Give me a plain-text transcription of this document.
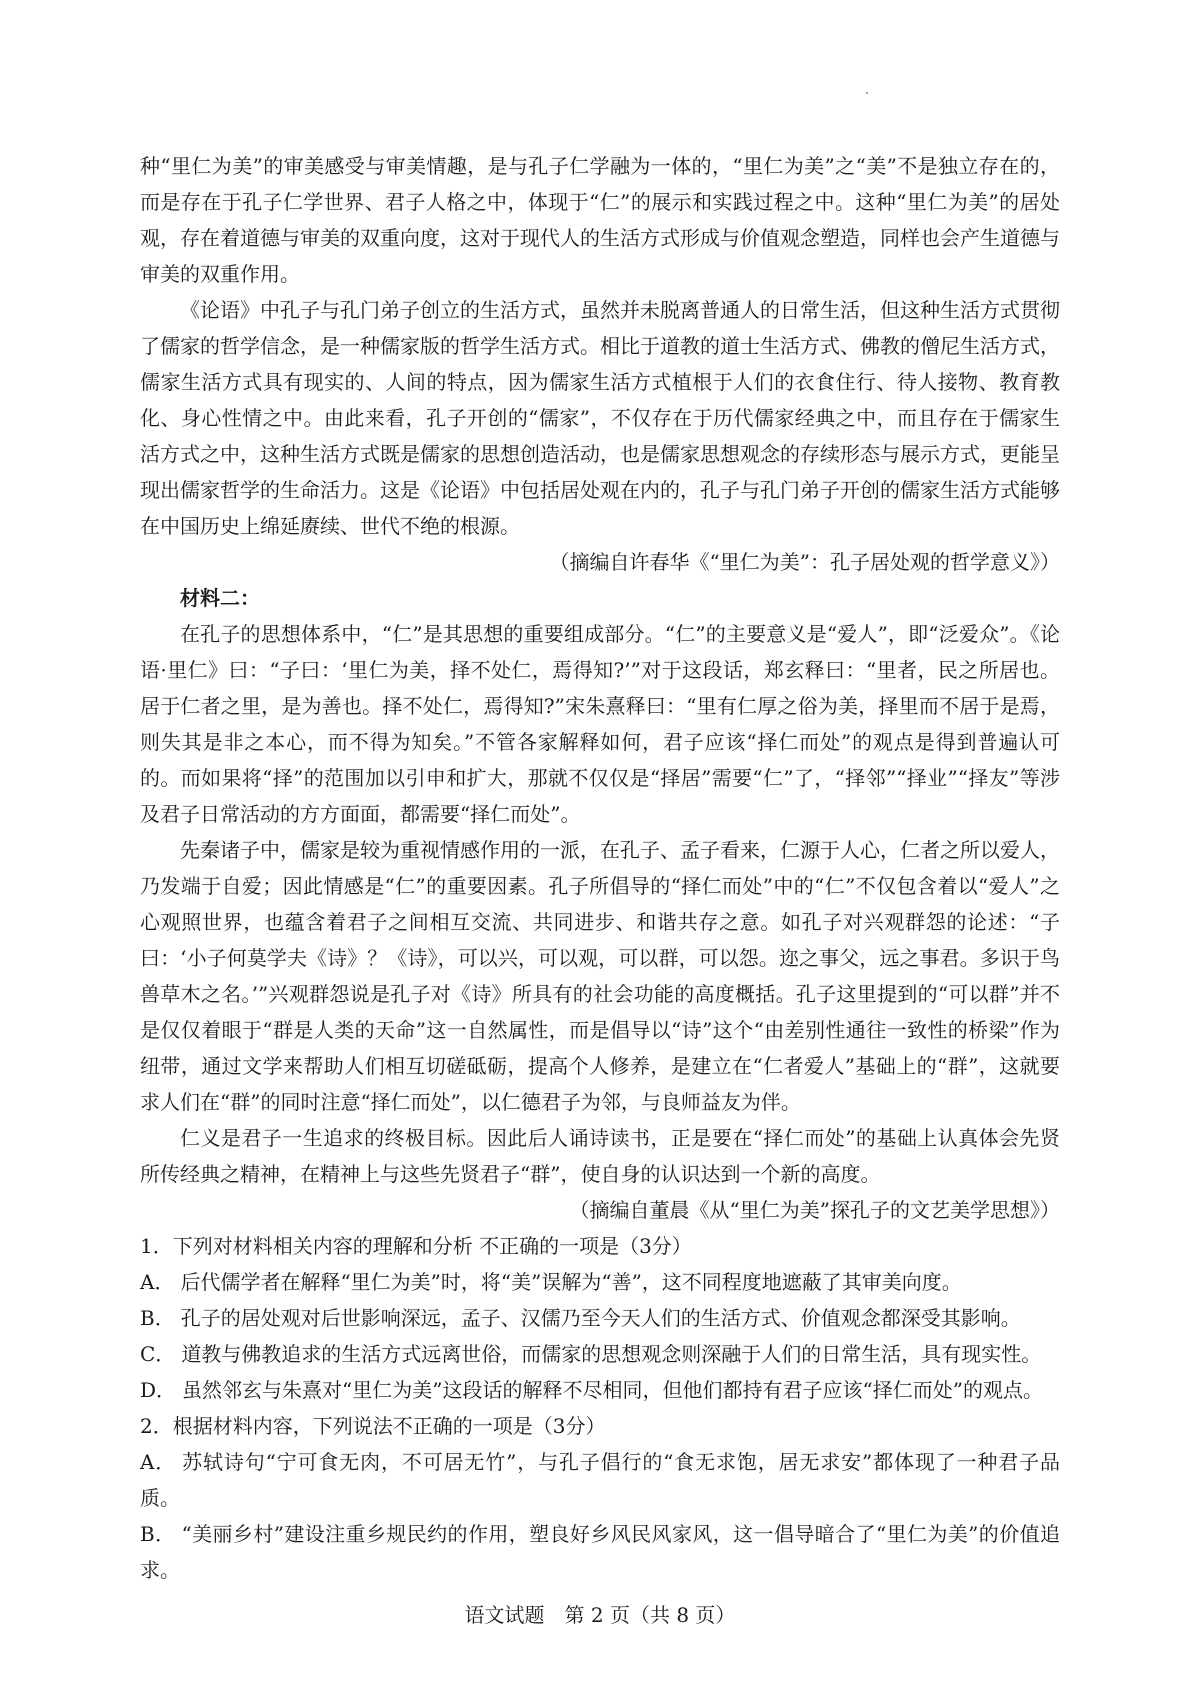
种“里仁为美”的审美感受与审美情趣，是与孔子仁学融为一体的，“里仁为美”之“美”不是独立存在的，而是存在于孔子仁学世界、君子人格之中，体现于“仁”的展示和实践过程之中。这种“里仁为美”的居处观，存在着道德与审美的双重向度，这对于现代人的生活方式形成与价值观念塑造，同样也会产生道德与审美的双重作用。

《论语》中孔子与孔门弟子创立的生活方式，虽然并未脱离普通人的日常生活，但这种生活方式贯彻了儒家的哲学信念，是一种儒家版的哲学生活方式。相比于道教的道士生活方式、佛教的僧尼生活方式，儒家生活方式具有现实的、人间的特点，因为儒家生活方式植根于人们的衣食住行、待人接物、教育教化、身心性情之中。由此来看，孔子开创的“儒家”，不仅存在于历代儒家经典之中，而且存在于儒家生活方式之中，这种生活方式既是儒家的思想创造活动，也是儒家思想观念的存续形态与展示方式，更能呈现出儒家哲学的生命活力。这是《论语》中包括居处观在内的，孔子与孔门弟子开创的儒家生活方式能够在中国历史上绵延赓续、世代不绝的根源。

（摘编自许春华《“里仁为美”：孔子居处观的哲学意义》）

材料二：

在孔子的思想体系中，“仁”是其思想的重要组成部分。“仁”的主要意义是“爱人”，即“泛爱众”。《论语·里仁》曰：“子曰：‘里仁为美，择不处仁，焉得知?’”对于这段话，郑玄释曰：“里者，民之所居也。居于仁者之里，是为善也。择不处仁，焉得知?”宋朱熹释曰：“里有仁厚之俗为美，择里而不居于是焉，则失其是非之本心，而不得为知矣。”不管各家解释如何，君子应该“择仁而处”的观点是得到普遍认可的。而如果将“择”的范围加以引申和扩大，那就不仅仅是“择居”需要“仁”了，“择邻”“择业”“择友”等涉及君子日常活动的方方面面，都需要“择仁而处”。

先秦诸子中，儒家是较为重视情感作用的一派，在孔子、孟子看来，仁源于人心，仁者之所以爱人，乃发端于自爱；因此情感是“仁”的重要因素。孔子所倡导的“择仁而处”中的“仁”不仅包含着以“爱人”之心观照世界，也蕴含着君子之间相互交流、共同进步、和谐共存之意。如孔子对兴观群怨的论述：“子曰：‘小子何莫学夫《诗》？《诗》，可以兴，可以观，可以群，可以怨。迩之事父，远之事君。多识于鸟兽草木之名。’”兴观群怨说是孔子对《诗》所具有的社会功能的高度概括。孔子这里提到的“可以群”并不是仅仅着眼于“群是人类的天命”这一自然属性，而是倡导以“诗”这个“由差别性通往一致性的桥梁”作为纽带，通过文学来帮助人们相互切磋砥砺，提高个人修养，是建立在“仁者爱人”基础上的“群”，这就要求人们在“群”的同时注意“择仁而处”，以仁德君子为邻，与良师益友为伴。

仁义是君子一生追求的终极目标。因此后人诵诗读书，正是要在“择仁而处”的基础上认真体会先贤所传经典之精神，在精神上与这些先贤君子“群”，使自身的认识达到一个新的高度。

（摘编自董晨《从“里仁为美”探孔子的文艺美学思想》）

1．下列对材料相关内容的理解和分析 不正确的一项是（3分）

A． 后代儒学者在解释“里仁为美”时，将“美”误解为“善”，这不同程度地遮蔽了其审美向度。

B． 孔子的居处观对后世影响深远，孟子、汉儒乃至今天人们的生活方式、价值观念都深受其影响。

C． 道教与佛教追求的生活方式远离世俗，而儒家的思想观念则深融于人们的日常生活，具有现实性。

D． 虽然邻玄与朱熹对“里仁为美”这段话的解释不尽相同，但他们都持有君子应该“择仁而处”的观点。

2．根据材料内容，下列说法不正确的一项是（3分）

A． 苏轼诗句“宁可食无肉，不可居无竹”，与孔子倡行的“食无求饱，居无求安”都体现了一种君子品质。

B． “美丽乡村”建设注重乡规民约的作用，塑良好乡风民风家风，这一倡导暗合了“里仁为美”的价值追求。

语文试题　第 2 页（共 8 页）
